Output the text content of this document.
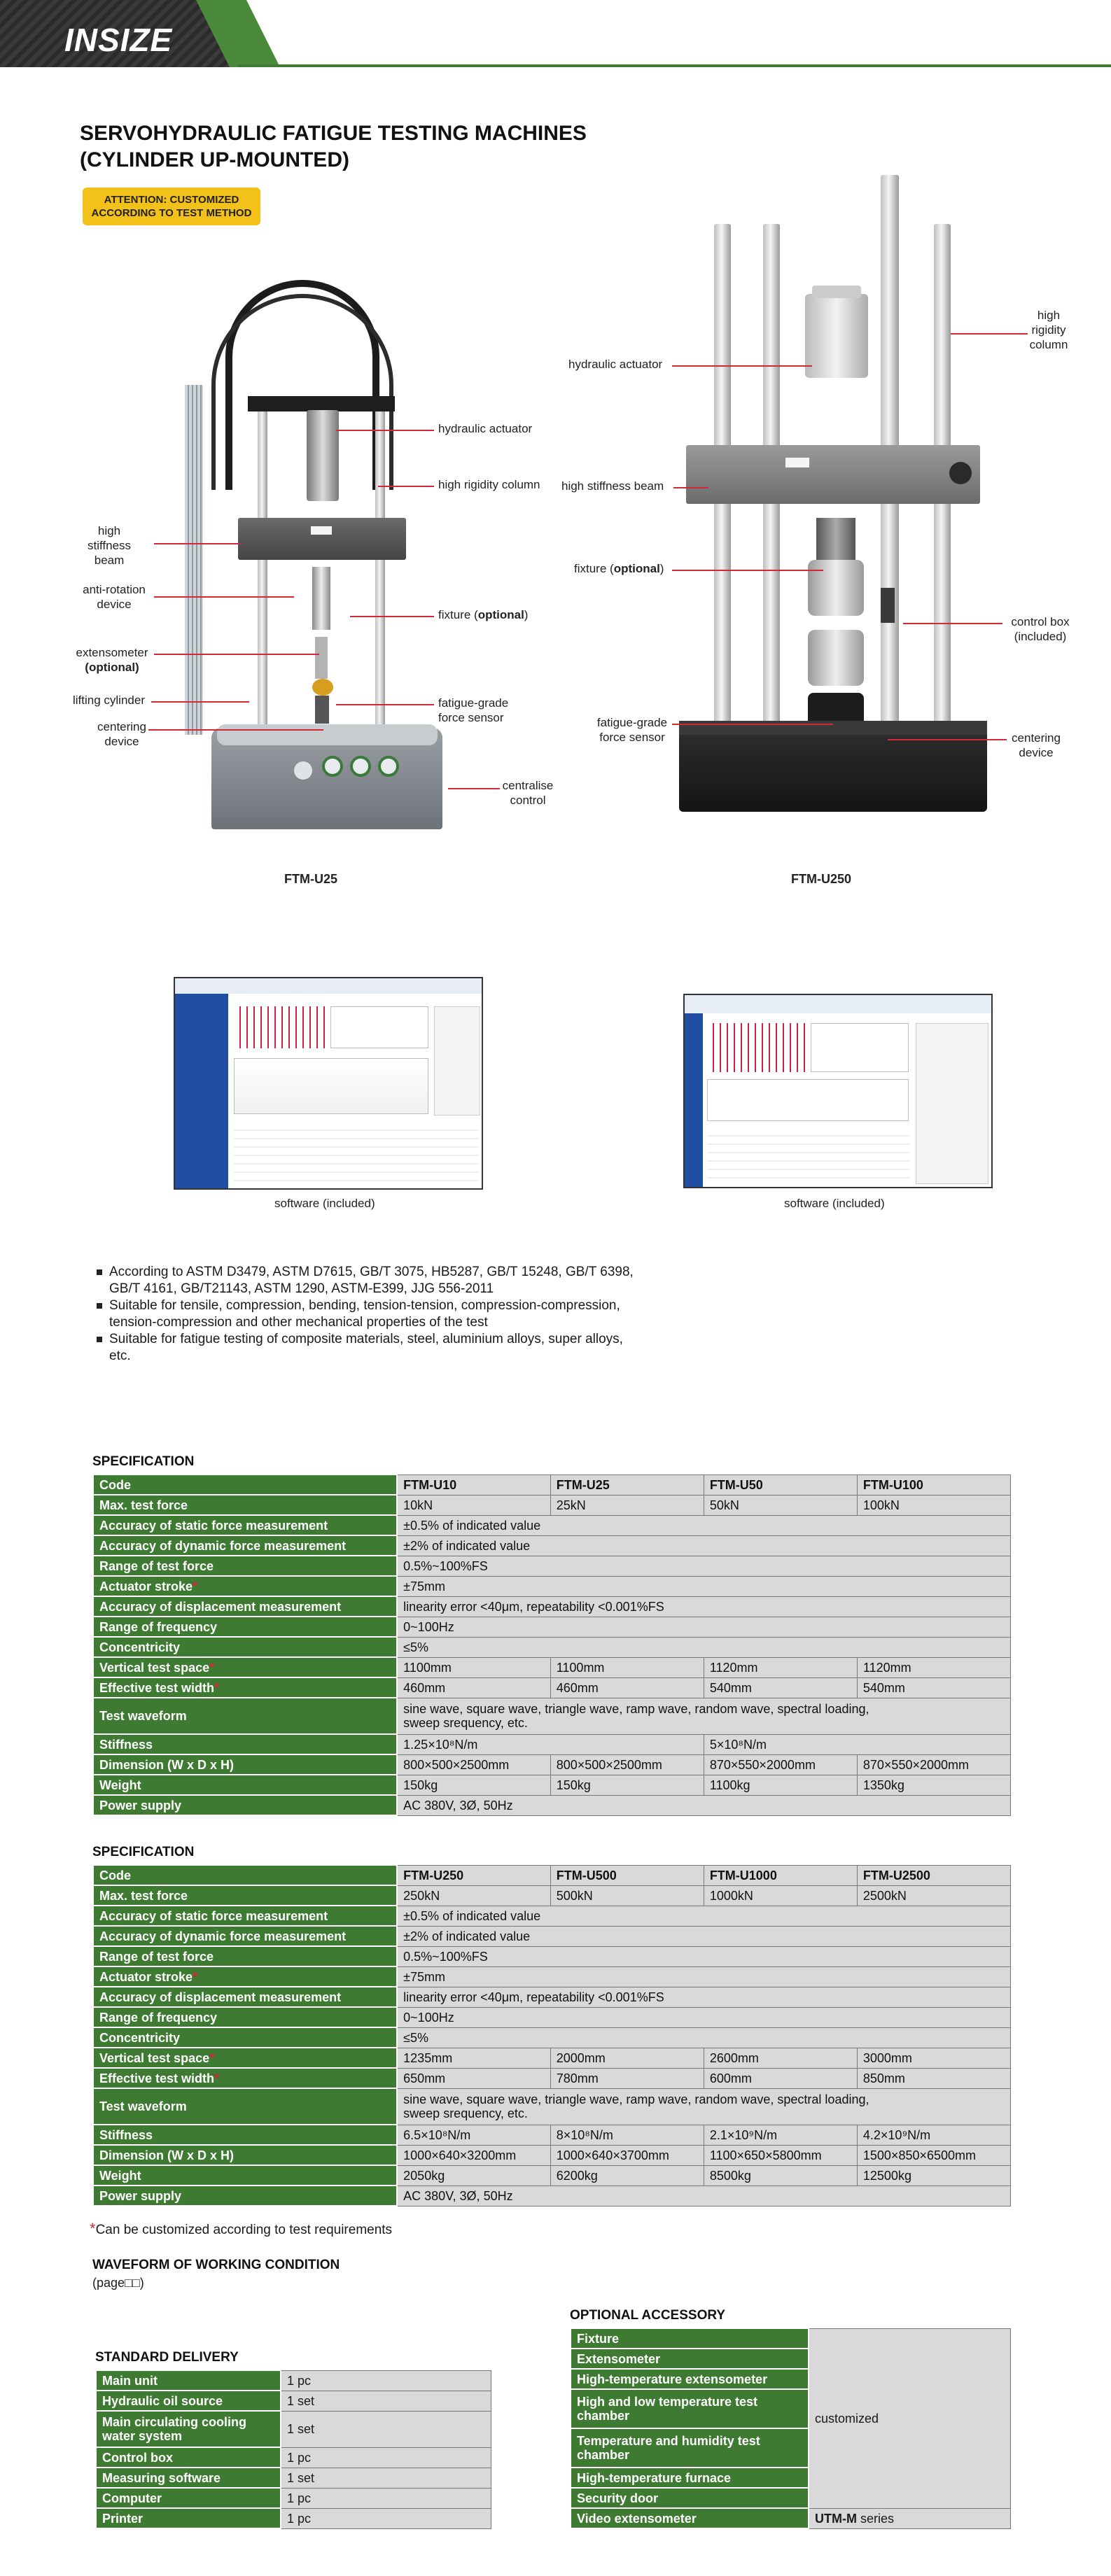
INSIZE
SERVOHYDRAULIC FATIGUE TESTING MACHINES
(CYLINDER UP-MOUNTED)
ATTENTION: CUSTOMIZED
ACCORDING TO TEST METHOD
hydraulic actuator
high rigidity column
high
stiffness beam
anti-rotation
device
extensometer
(optional)
fixture (optional)
lifting cylinder
centering
device
fatigue-grade
force sensor
centralise
control
FTM-U25
high
rigidity
column
hydraulic actuator
high stiffness beam
fixture (optional)
control box
(included)
fatigue-grade
force sensor	centering
device
FTM-U250
software (included)	software (included)
According to ASTM D3479, ASTM D7615, GB/T 3075, HB5287, GB/T 15248, GB/T 6398, GB/T 4161, GB/T21143, ASTM 1290, ASTM-E399, JJG 556-2011
Suitable for tensile, compression, bending, tension-tension, compression-compression, tension-compression and other mechanical properties of the test
Suitable for fatigue testing of composite materials, steel, aluminium alloys, super alloys, etc.
SPECIFICATION
Code	FTM-U10	FTM-U25	FTM-U50	FTM-U100
Max. test force	10kN	25kN	50kN	100kN
Accuracy of static force measurement	±0.5% of indicated value			
Accuracy of dynamic force measurement	±2% of indicated value			
Range of test force	0.5%~100%FS			
Actuator stroke*	±75mm			
Accuracy of displacement measurement	linearity error <40μm, repeatability <0.001%FS			
Range of frequency	0~100Hz			
Concentricity	≤5%			
Vertical test space*	1100mm	1100mm	1120mm	1120mm
Effective test width*	460mm	460mm	540mm	540mm
Test waveform	sine wave, square wave, triangle wave, ramp wave, random wave, spectral loading, sweep srequency, etc.			
Stiffness	1.25×10⁸N/m		5×10⁸N/m	
Dimension (W x D x H)	800×500×2500mm	800×500×2500mm	870×550×2000mm	870×550×2000mm
Weight	150kg	150kg	1100kg	1350kg
Power supply	AC 380V, 3Ø, 50Hz			
SPECIFICATION
Code	FTM-U250	FTM-U500	FTM-U1000	FTM-U2500
Max. test force	250kN	500kN	1000kN	2500kN
Accuracy of static force measurement	±0.5% of indicated value			
Accuracy of dynamic force measurement	±2% of indicated value			
Range of test force	0.5%~100%FS			
Actuator stroke*	±75mm			
Accuracy of displacement measurement	linearity error <40μm, repeatability <0.001%FS			
Range of frequency	0~100Hz			
Concentricity	≤5%			
Vertical test space*	1235mm	2000mm	2600mm	3000mm
Effective test width*	650mm	780mm	600mm	850mm
Test waveform	sine wave, square wave, triangle wave, ramp wave, random wave, spectral loading, sweep srequency, etc.			
Stiffness	6.5×10⁸N/m	8×10⁸N/m	2.1×10⁹N/m	4.2×10⁹N/m
Dimension (W x D x H)	1000×640×3200mm	1000×640×3700mm	1100×650×5800mm	1500×850×6500mm
Weight	2050kg	6200kg	8500kg	12500kg
Power supply	AC 380V, 3Ø, 50Hz			
*Can be customized according to test requirements
WAVEFORM OF WORKING CONDITION
(page□□)
STANDARD DELIVERY
Main unit	1 pc
Hydraulic oil source	1 set
Main circulating cooling water system	1 set
Control box	1 pc
Measuring software	1 set
Computer	1 pc
Printer	1 pc
OPTIONAL ACCESSORY
Fixture	customized
Extensometer	
High-temperature extensometer	
High and low temperature test chamber	
Temperature and humidity test chamber	
High-temperature furnace	
Security door	
Video extensometer	UTM-M series
